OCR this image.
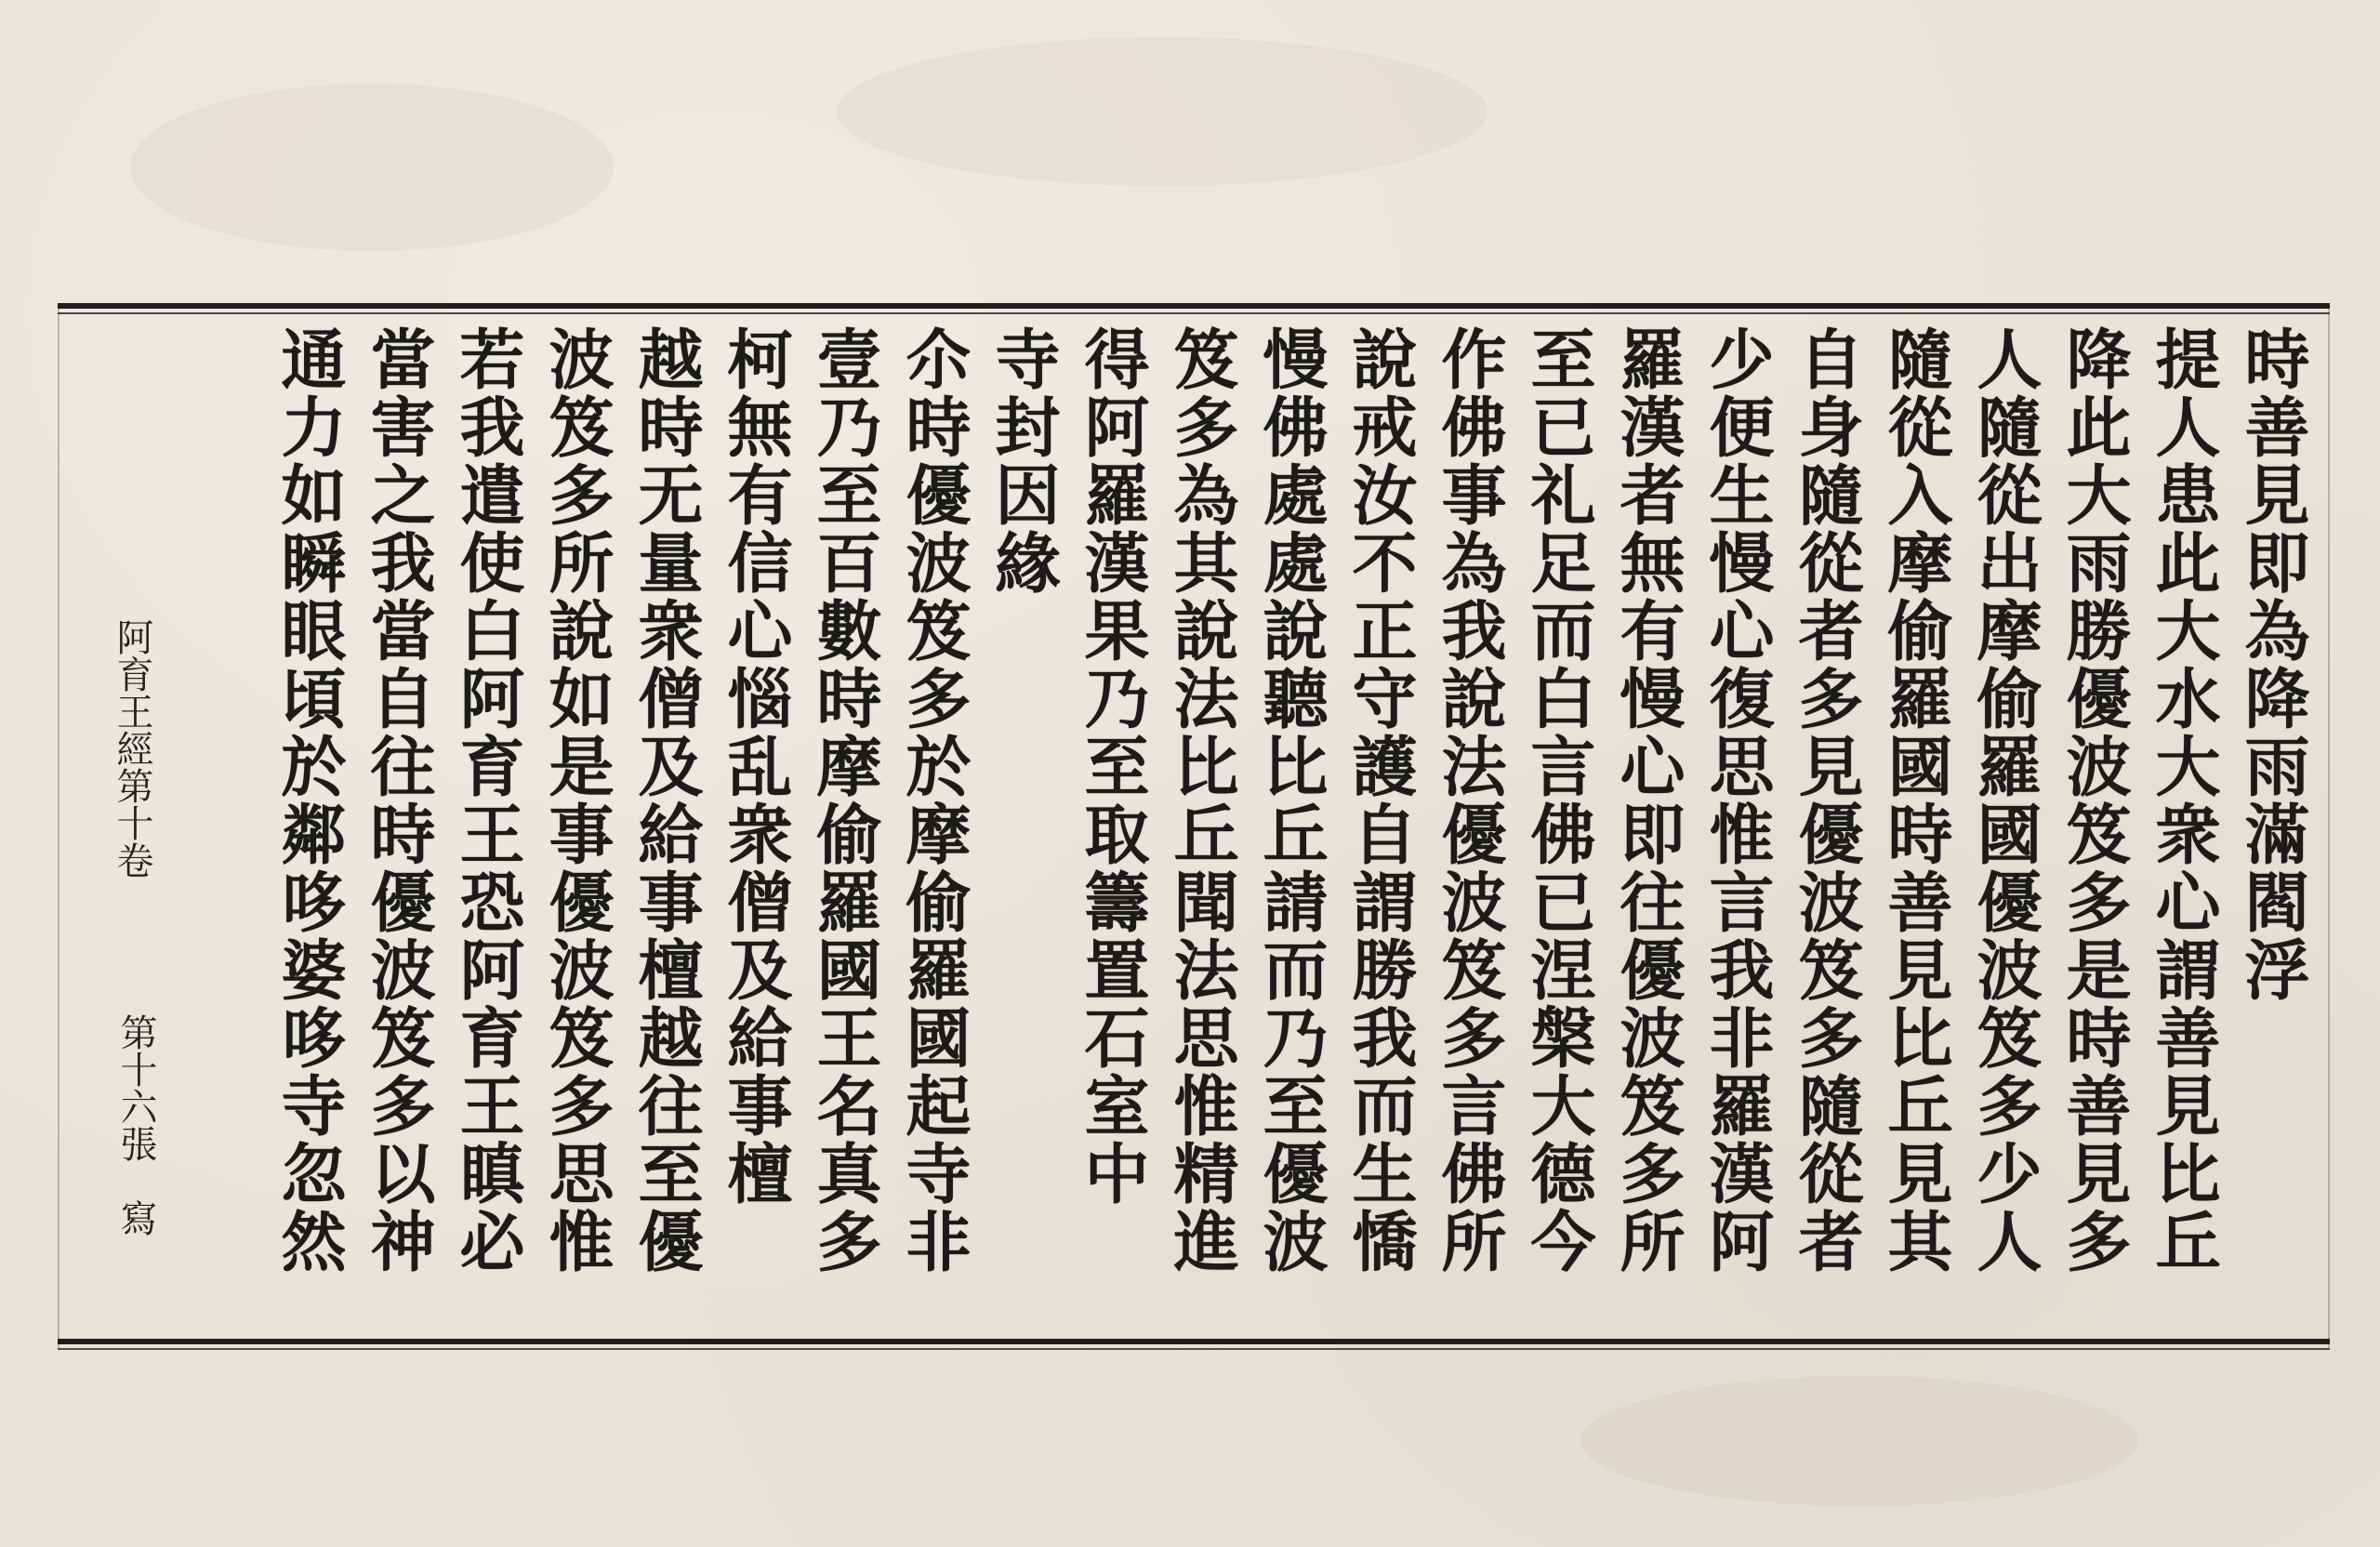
時善見即為降雨滿閻浮
提人患此大水大衆心謂善見比丘
降此大雨勝優波笈多是時善見多
人隨從出摩偷羅國優波笈多少人
隨從入摩偷羅國時善見比丘見其
自身隨從者多見優波笈多隨從者
少便生慢心復思惟言我非羅漢阿
羅漢者無有慢心即往優波笈多所
至已礼足而白言佛已涅槃大德今
作佛事為我說法優波笈多言佛所
說戒汝不正守護自謂勝我而生憍
慢佛處處說聽比丘請而乃至優波
笈多為其說法比丘聞法思惟精進
得阿羅漢果乃至取籌置石室中
寺封因緣
尒時優波笈多於摩偷羅國起寺非
壹乃至百數時摩偷羅國王名真多
柯無有信心惱乱衆僧及給事檀
越時无量衆僧及給事檀越往至優
波笈多所說如是事優波笈多思惟
若我遣使白阿育王恐阿育王瞋必
當害之我當自往時優波笈多以神
通力如瞬眼頃於鄰哆婆哆寺忽然
阿育王經第十卷
第十六張　寫
